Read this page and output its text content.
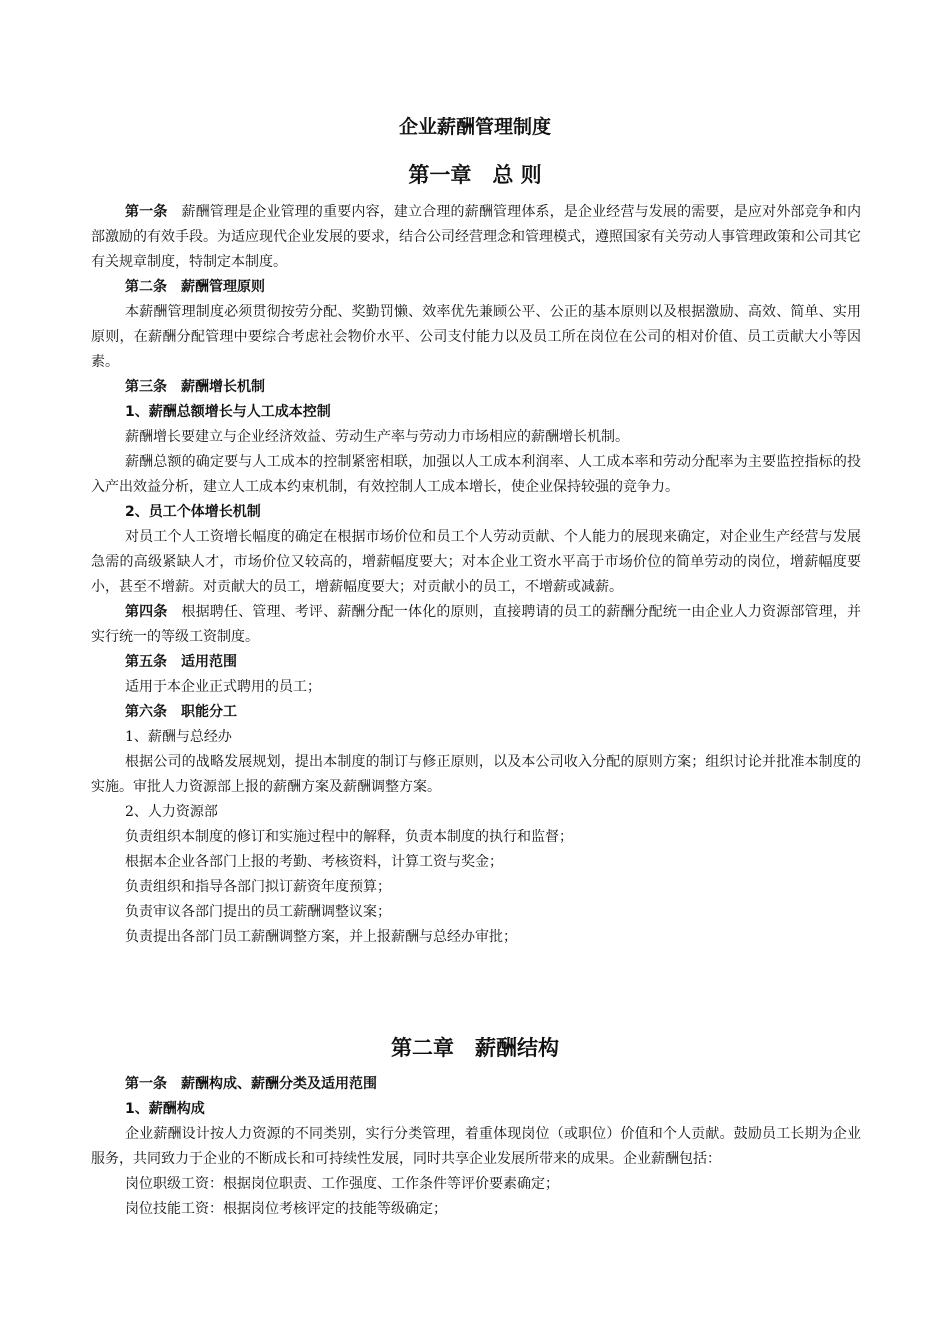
企业薪酬管理制度
第一章　总 则

第一条 薪酬管理是企业管理的重要内容，建立合理的薪酬管理体系，是企业经营与发展的需要，是应对外部竞争和内部激励的有效手段。为适应现代企业发展的要求，结合公司经营理念和管理模式，遵照国家有关劳动人事管理政策和公司其它有关规章制度，特制定本制度。

第二条 薪酬管理原则

本薪酬管理制度必须贯彻按劳分配、奖勤罚懒、效率优先兼顾公平、公正的基本原则以及根据激励、高效、简单、实用原则，在薪酬分配管理中要综合考虑社会物价水平、公司支付能力以及员工所在岗位在公司的相对价值、员工贡献大小等因素。

第三条 薪酬增长机制

1、薪酬总额增长与人工成本控制

薪酬增长要建立与企业经济效益、劳动生产率与劳动力市场相应的薪酬增长机制。

薪酬总额的确定要与人工成本的控制紧密相联，加强以人工成本利润率、人工成本率和劳动分配率为主要监控指标的投入产出效益分析，建立人工成本约束机制，有效控制人工成本增长，使企业保持较强的竞争力。

2、员工个体增长机制

对员工个人工资增长幅度的确定在根据市场价位和员工个人劳动贡献、个人能力的展现来确定，对企业生产经营与发展急需的高级紧缺人才，市场价位又较高的，增薪幅度要大；对本企业工资水平高于市场价位的简单劳动的岗位，增薪幅度要小，甚至不增薪。对贡献大的员工，增薪幅度要大；对贡献小的员工，不增薪或减薪。

第四条 根据聘任、管理、考评、薪酬分配一体化的原则，直接聘请的员工的薪酬分配统一由企业人力资源部管理，并实行统一的等级工资制度。

第五条 适用范围

适用于本企业正式聘用的员工；

第六条 职能分工

1、薪酬与总经办

根据公司的战略发展规划，提出本制度的制订与修正原则，以及本公司收入分配的原则方案；组织讨论并批准本制度的实施。审批人力资源部上报的薪酬方案及薪酬调整方案。

2、人力资源部

负责组织本制度的修订和实施过程中的解释，负责本制度的执行和监督；

根据本企业各部门上报的考勤、考核资料，计算工资与奖金；

负责组织和指导各部门拟订薪资年度预算；

负责审议各部门提出的员工薪酬调整议案；

负责提出各部门员工薪酬调整方案，并上报薪酬与总经办审批；

第二章　薪酬结构

第一条 薪酬构成、薪酬分类及适用范围

1、薪酬构成

企业薪酬设计按人力资源的不同类别，实行分类管理，着重体现岗位（或职位）价值和个人贡献。鼓励员工长期为企业服务，共同致力于企业的不断成长和可持续性发展，同时共享企业发展所带来的成果。企业薪酬包括：

岗位职级工资：根据岗位职责、工作强度、工作条件等评价要素确定；

岗位技能工资：根据岗位考核评定的技能等级确定；
